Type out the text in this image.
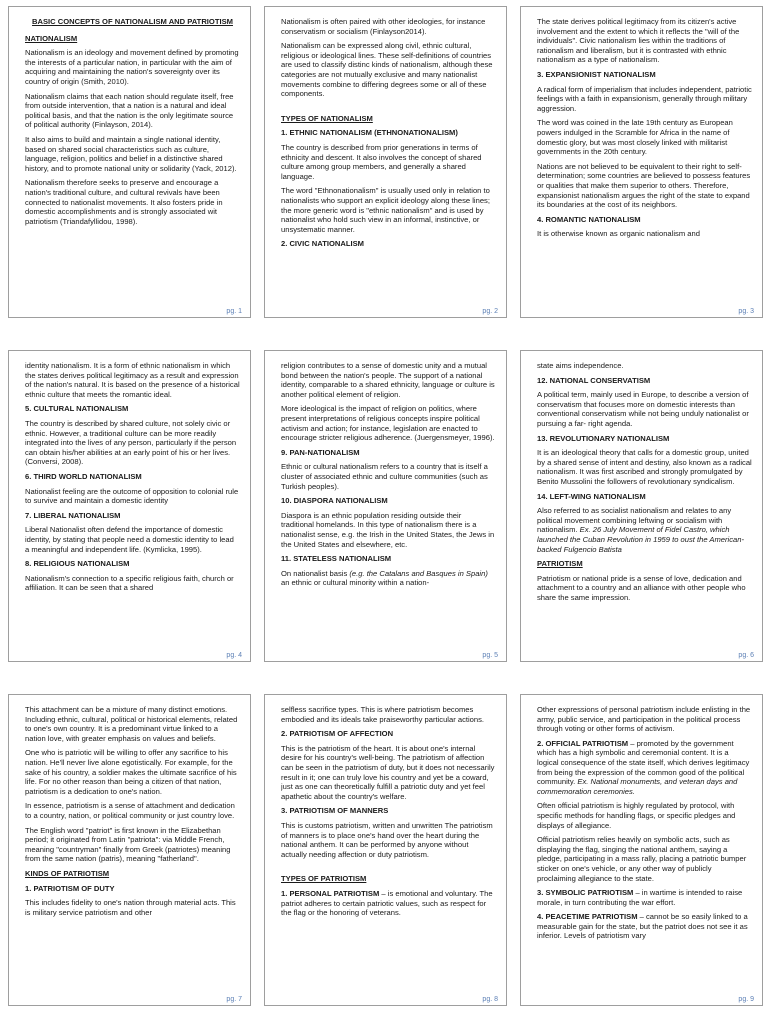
BASIC CONCEPTS OF NATIONALISM AND PATRIOTISM
NATIONALISM

Nationalism is an ideology and movement defined by promoting the interests of a particular nation, in particular with the aim of acquiring and maintaining the nation's sovereignty over its country of origin (Smith, 2010).

Nationalism claims that each nation should regulate itself, free from outside intervention, that a nation is a natural and ideal political basis, and that the nation is the only legitimate source of political authority (Finlayson, 2014).

It also aims to build and maintain a single national identity, based on shared social characteristics such as culture, language, religion, politics and belief in a distinctive shared history, and to promote national unity or solidarity (Yack, 2012).

Nationalism therefore seeks to preserve and encourage a nation's traditional culture, and cultural revivals have been connected to nationalist movements. It also fosters pride in domestic accomplishments and is strongly associated wit patriotism (Triandafyllidou, 1998).

pg. 1

Nationalism is often paired with other ideologies, for instance conservatism or socialism (Finlayson2014).

Nationalism can be expressed along civil, ethnic cultural, religious or ideological lines. These self-definitions of countries are used to classify distinc kinds of nationalism, although these categories are not mutually exclusive and many nationalist movements combine to differing degrees some or all of these components.

TYPES OF NATIONALISM
1. ETHNIC NATIONALISM (ETHNONATIONALISM)

The country is described from prior generations in terms of ethnicity and descent. It also involves the concept of shared culture among group members, and generally a shared language.

The word "Ethnonationalism" is usually used only in relation to nationalists who support an explicit ideology along these lines; the more generic word is "ethnic nationalism" and is used by nationalist who hold such view in an informal, instinctive, or unsystematic manner.

2. CIVIC NATIONALISM
pg. 2

The state derives political legitimacy from its citizen's active involvement and the extent to which it reflects the "will of the individuals". Civic nationalism lies within the traditions of rationalism and liberalism, but it is contrasted with ethnic nationalism as a type of nationalism.

3. EXPANSIONIST NATIONALISM

A radical form of imperialism that includes independent, patriotic feelings with a faith in expansionism, generally through military aggression.

The word was coined in the late 19th century as European powers indulged in the Scramble for Africa in the name of domestic glory, but was most closely linked with militarist governments in the 20th century.

Nations are not believed to be equivalent to their right to self-determination; some countries are believed to possess features or qualities that make them superior to others. Therefore, expansionist nationalism argues the right of the state to expand its boundaries at the cost of its neighbors.

4. ROMANTIC NATIONALISM

It is otherwise known as organic nationalism and

pg. 3

identity nationalism. It is a form of ethnic nationalism in which the states derives political legitimacy as a result and expression of the nation's natural. It is based on the presence of a historical ethnic culture that meets the romantic ideal.

5. CULTURAL NATIONALISM

The country is described by shared culture, not solely civic or ethnic. However, a traditional culture can be more readily integrated into the lives of any person, particularly if the person can obtain his/her abilities at an early point of his or her lives. (Conversi, 2008).

6. THIRD WORLD NATIONALISM

Nationalist feeling are the outcome of opposition to colonial rule to survive and maintain a domestic identity

7. LIBERAL NATIONALISM

Liberal Nationalist often defend the importance of domestic identity, by stating that people need a domestic identity to lead a meaningful and independent life. (Kymlicka, 1995).

8. RELIGIOUS NATIONALISM

Nationalism's connection to a specific religious faith, church or affiliation. It can be seen that a shared

pg. 4

religion contributes to a sense of domestic unity and a mutual bond between the nation's people. The support of a national identity, comparable to a shared ethnicity, language or culture is another political element of religion.

More ideological is the impact of religion on politics, where present interpretations of religious concepts inspire political activism and action; for instance, legislation are enacted to encourage stricter religious adherence. (Juergensmeyer, 1996).

9. PAN-NATIONALISM

Ethnic or cultural nationalism refers to a country that is itself a cluster of associated ethnic and culture communities (such as Turkish peoples).

10. DIASPORA NATIONALISM

Diaspora is an ethnic population residing outside their traditional homelands. In this type of nationalism there is a nationalist sense, e.g. the Irish in the United States, the Jews in the United States and elsewhere, etc.

11. STATELESS NATIONALISM

On nationalist basis (e.g. the Catalans and Basques in Spain) an ethnic or cultural minority within a nation-

pg. 5

state aims independence.

12. NATIONAL CONSERVATISM

A political term, mainly used in Europe, to describe a version of conservatism that focuses more on domestic interests than conventional conservatism while not being unduly nationalist or pursuing a far- right agenda.

13. REVOLUTIONARY NATIONALISM

It is an ideological theory that calls for a domestic group, united by a shared sense of intent and destiny, also known as a radical nationalism. It was first ascribed and strongly promulgated by Benito Mussolini the followers of revolutionary syndicalism.

14. LEFT-WING NATIONALISM

Also referred to as socialist nationalism and relates to any political movement combining leftwing or socialism with nationalism. Ex. 26 July Movement of Fidel Castro, which launched the Cuban Revolution in 1959 to oust the American-backed Fulgencio Batista

PATRIOTISM

Patriotism or national pride is a sense of love, dedication and attachment to a country and an alliance with other people who share the same impression.

pg. 6

This attachment can be a mixture of many distinct emotions. Including ethnic, cultural, political or historical elements, related to one's own country. It is a predominant virtue linked to a nation love, with greater emphasis on values and beliefs.

One who is patriotic will be willing to offer any sacrifice to his nation. He'll never live alone egotistically. For example, for the sake of his country, a soldier makes the ultimate sacrifice of his life. For no other reason than being a citizen of that nation, patriotism is a dedication to one's nation.

In essence, patriotism is a sense of attachment and dedication to a country, nation, or political community or just country love.

The English word "patriot" is first known in the Elizabethan period; it originated from Latin "patriota": via Middle French, meaning "countryman" finally from Greek (patriotes) meaning from the same nation (patris), meaning "fatherland".

KINDS OF PATRIOTISM
1. PATRIOTISM OF DUTY

This includes fidelity to one's nation through material acts. This is military service patriotism and other

pg. 7

selfless sacrifice types. This is where patriotism becomes embodied and its ideals take praiseworthy particular actions.

2. PATRIOTISM OF AFFECTION

This is the patriotism of the heart. It is about one's internal desire for his country's well-being. The patriotism of affection can be seen in the patriotism of duty, but it does not necessarily result in it; one can truly love his country and yet be a coward, just as one can theoretically fulfill a patriotic duty and yet feel apathetic about the country's welfare.

3. PATRIOTISM OF MANNERS

This is customs patriotism, written and unwritten The patriotism of manners is to place one's hand over the heart during the national anthem. It can be performed by anyone without actually needing affection or duty patriotism.

TYPES OF PATRIOTISM

1. PERSONAL PATRIOTISM – is emotional and voluntary. The patriot adheres to certain patriotic values, such as respect for the flag or the honoring of veterans.

pg. 8

Other expressions of personal patriotism include enlisting in the army, public service, and participation in the political process through voting or other forms of activism.

2. OFFICIAL PATRIOTISM – promoted by the government which has a high symbolic and ceremonial content. It is a logical consequence of the state itself, which derives legitimacy from being the expression of the common good of the political community. Ex. National monuments, and veteran days and commemoration ceremonies.

Often official patriotism is highly regulated by protocol, with specific methods for handling flags, or specific pledges and displays of allegiance.

Official patriotism relies heavily on symbolic acts, such as displaying the flag, singing the national anthem, saying a pledge, participating in a mass rally, placing a patriotic bumper sticker on one's vehicle, or any other way of publicly proclaiming allegiance to the state.

3. SYMBOLIC PATRIOTISM – in wartime is intended to raise morale, in turn contributing the war effort.

4. PEACETIME PATRIOTISM – cannot be so easily linked to a measurable gain for the state, but the patriot does not see it as inferior. Levels of patriotism vary

pg. 9
